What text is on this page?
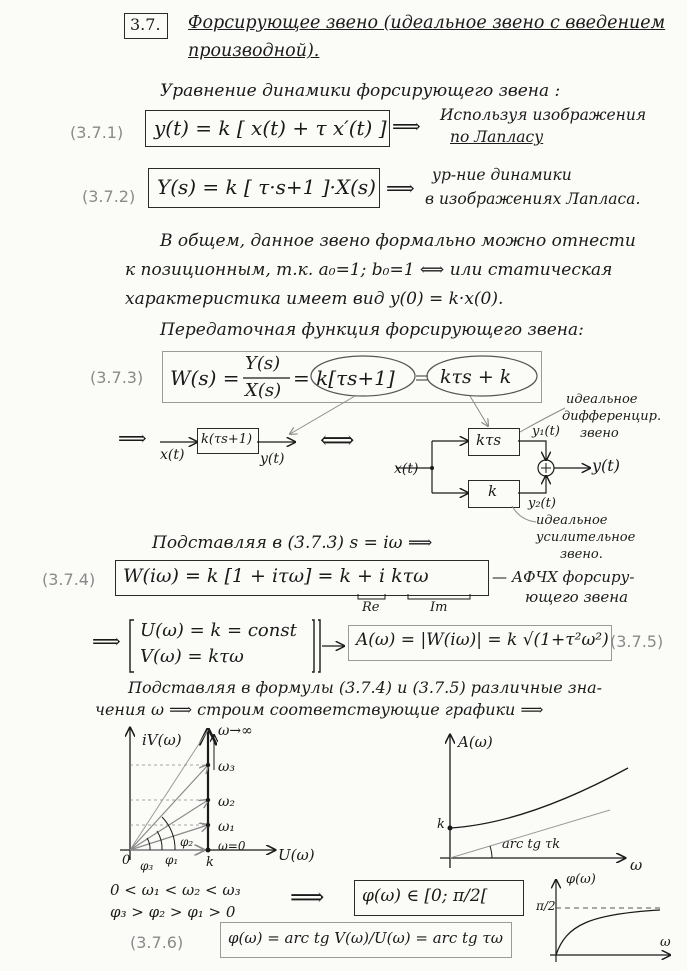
3.7. Форсирующее звено (идеальное звено с введением
производной).
Уравнение динамики форсирующего звена :
(3.7.1) y(t) = k [ x(t) + τ x′(t) ] ⟹ Используя изображения
по Лапласу
(3.7.2) Y(s) = k [ τ·s+1 ]·X(s) ⟹
ур-ние динамики
в изображениях Лапласа.
В общем, данное звено формально можно отнести
к позиционным, т.к. a₀=1; b₀=1 ⟺ или статическая
характеристика имеет вид y(0) = k·x(0).
Передаточная функция форсирующего звена:
(3.7.3) W(s) =
Y(s)
X(s)
= k[τs+1] kτs + k
⟹
x(t)
k(τs+1)
y(t)
⟺
x(t)
kτs
k
y₁(t)
y₂(t)
y(t)
идеальное
дифференцир.
звено
идеальное
усилительное
звено.
Подставляя в (3.7.3) s = iω ⟹
(3.7.4) W(iω) = k [1 + iτω] = k + i kτω
Re	Im
— АФЧХ форсиру-
ющего звена
⟹ U(ω) = k = const
V(ω) = kτω
A(ω) = |W(iω)| = k √(1+τ²ω²) (3.7.5)
Подставляя в формулы (3.7.4) и (3.7.5) различные зна-
чения ω ⟹ строим соответствующие графики ⟹
iV(ω)	ω→∞
ω₃
ω₂
ω₁
ω=0 U(ω)
0	k
φ₃ φ₁
φ₂
0 < ω₁ < ω₂ < ω₃
φ₃ > φ₂ > φ₁ > 0
A(ω)
k
arc tg τk
ω
⟹ φ(ω) ∈ [0; π/2[
(3.7.6)	φ(ω) = arc tg V(ω)/U(ω) = arc tg τω
φ(ω)
π/2
ω
